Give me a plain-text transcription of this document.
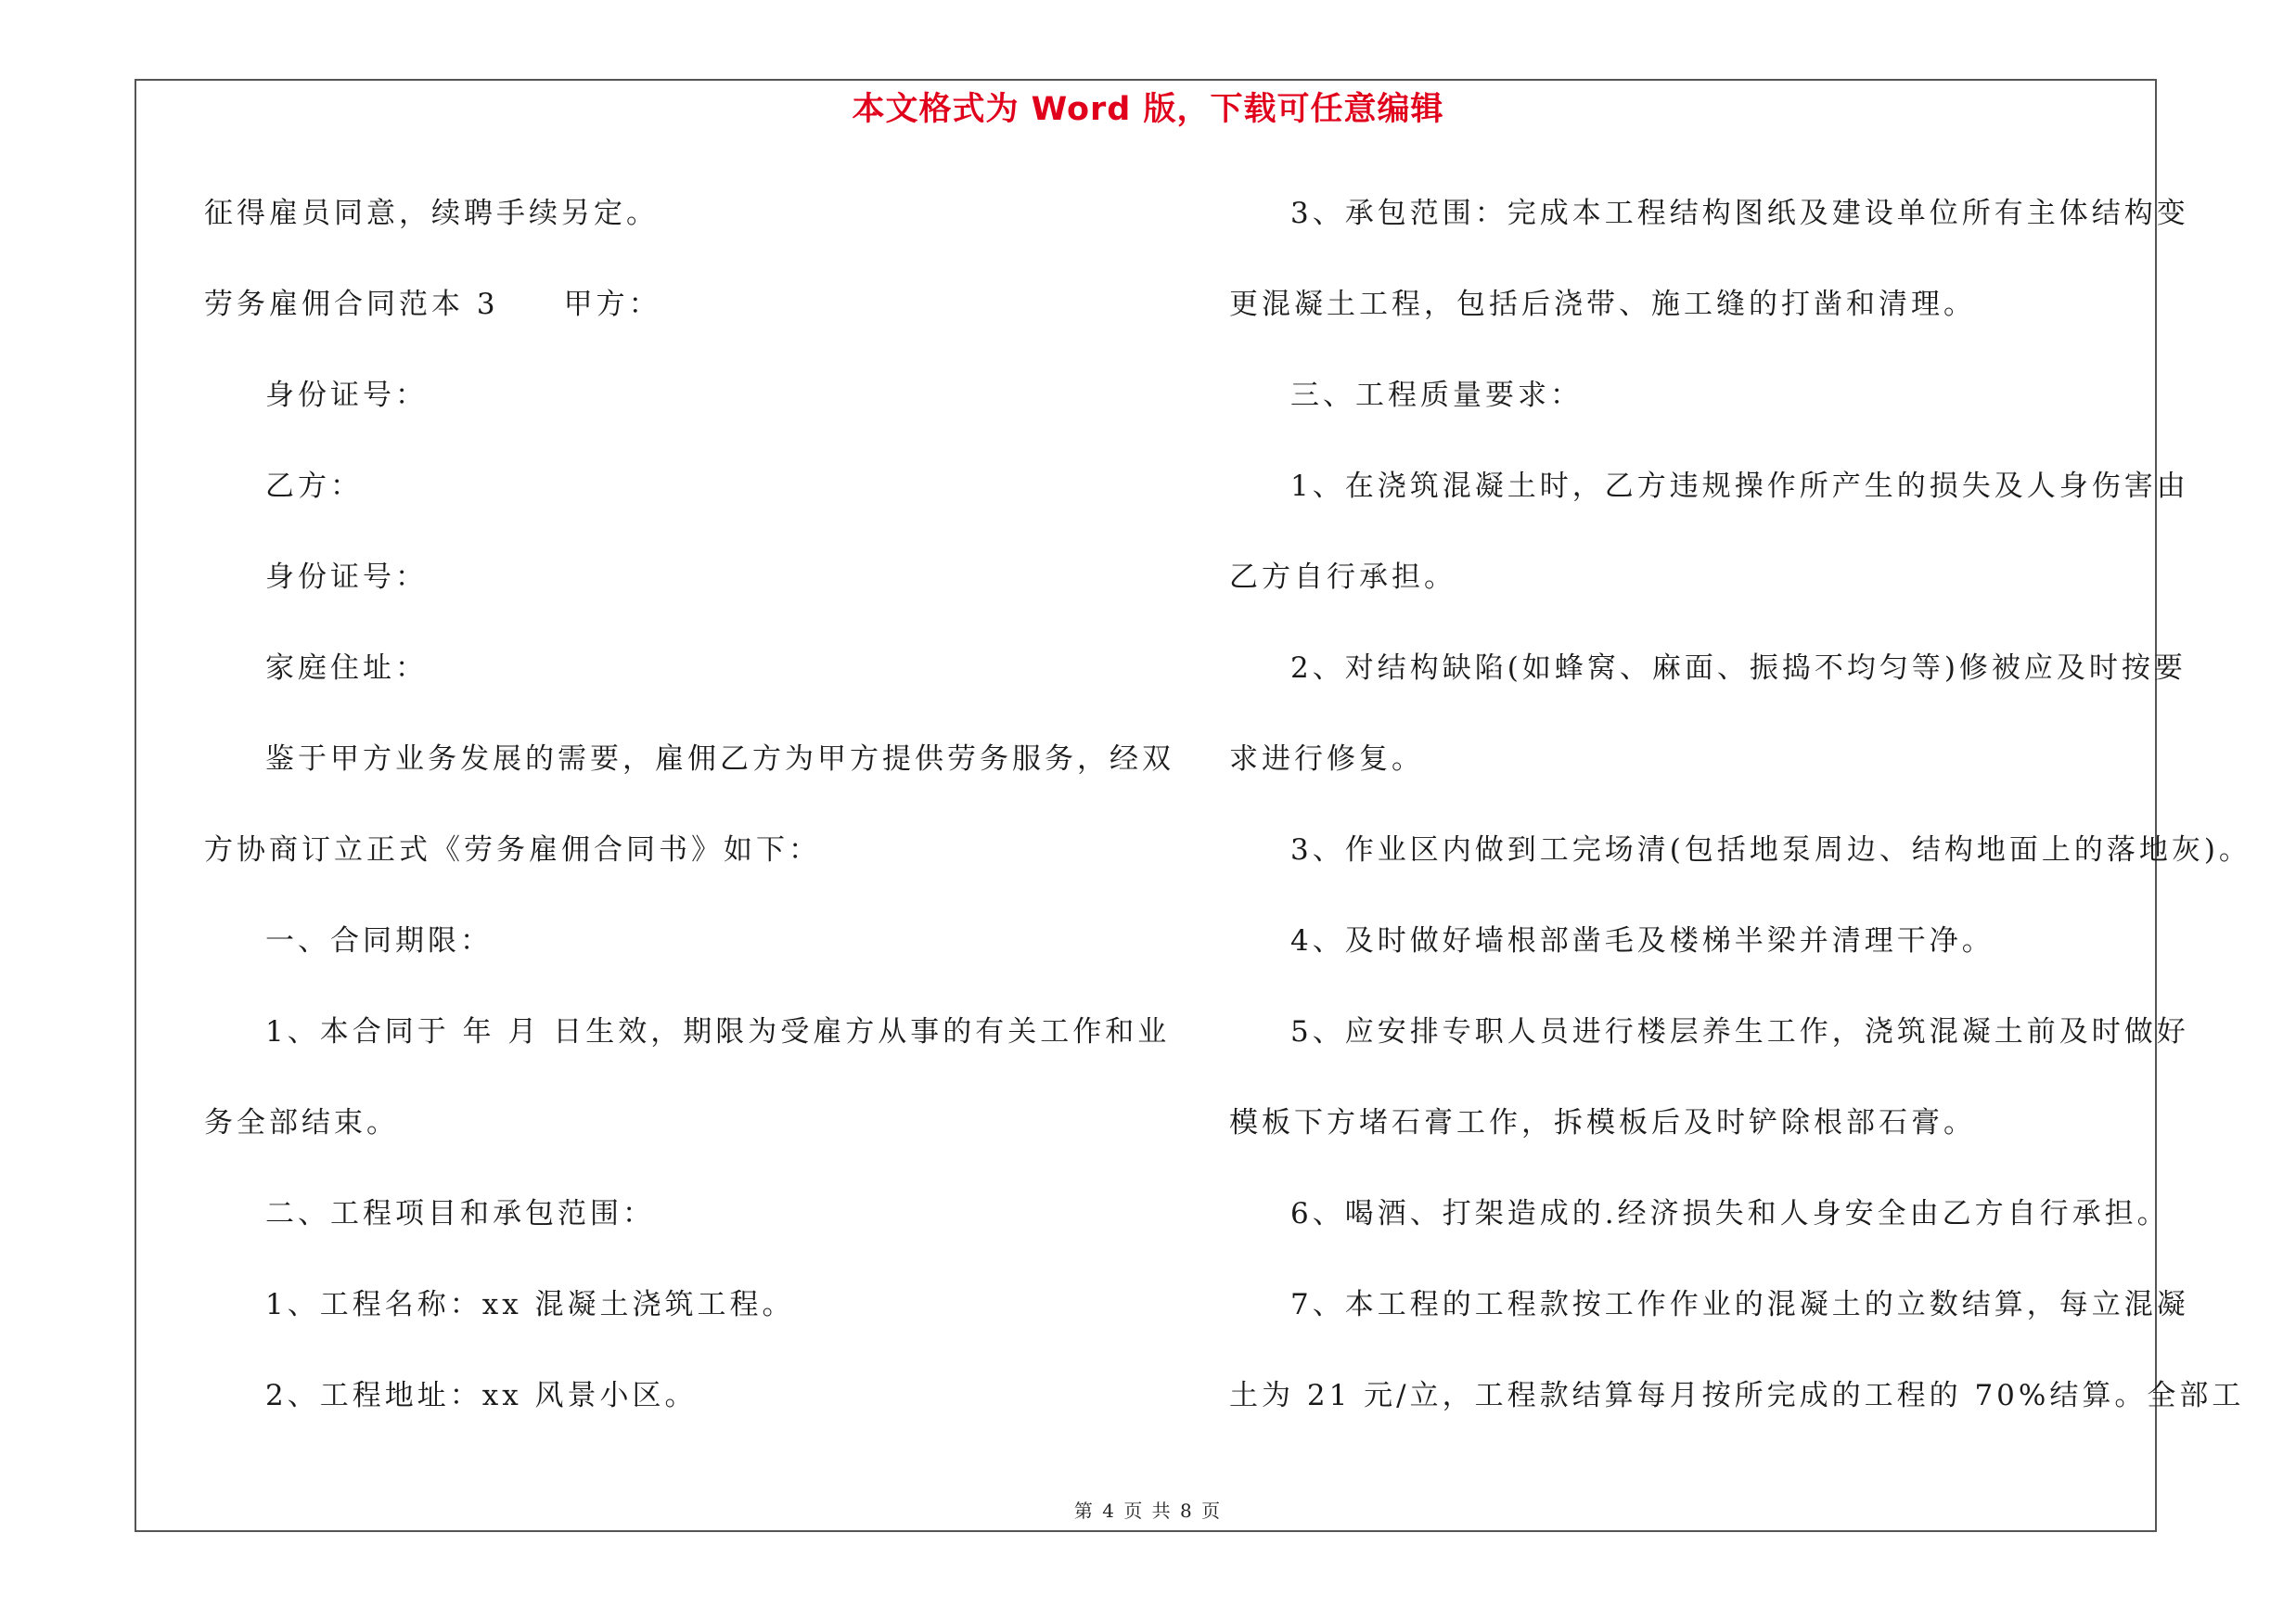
本文格式为 Word 版，下载可任意编辑
征得雇员同意，续聘手续另定。
劳务雇佣合同范本 3　　甲方：
身份证号：
乙方：
身份证号：
家庭住址：
鉴于甲方业务发展的需要，雇佣乙方为甲方提供劳务服务，经双
方协商订立正式《劳务雇佣合同书》如下：
一、合同期限：
1、本合同于 年 月 日生效，期限为受雇方从事的有关工作和业
务全部结束。
二、工程项目和承包范围：
1、工程名称：xx 混凝土浇筑工程。
2、工程地址：xx 风景小区。
3、承包范围：完成本工程结构图纸及建设单位所有主体结构变
更混凝土工程，包括后浇带、施工缝的打凿和清理。
三、工程质量要求：
1、在浇筑混凝土时，乙方违规操作所产生的损失及人身伤害由
乙方自行承担。
2、对结构缺陷(如蜂窝、麻面、振捣不均匀等)修被应及时按要
求进行修复。
3、作业区内做到工完场清(包括地泵周边、结构地面上的落地灰)。
4、及时做好墙根部凿毛及楼梯半梁并清理干净。
5、应安排专职人员进行楼层养生工作，浇筑混凝土前及时做好
模板下方堵石膏工作，拆模板后及时铲除根部石膏。
6、喝酒、打架造成的.经济损失和人身安全由乙方自行承担。
7、本工程的工程款按工作作业的混凝土的立数结算，每立混凝
土为 21 元/立，工程款结算每月按所完成的工程的 70%结算。全部工
第 4 页 共 8 页
